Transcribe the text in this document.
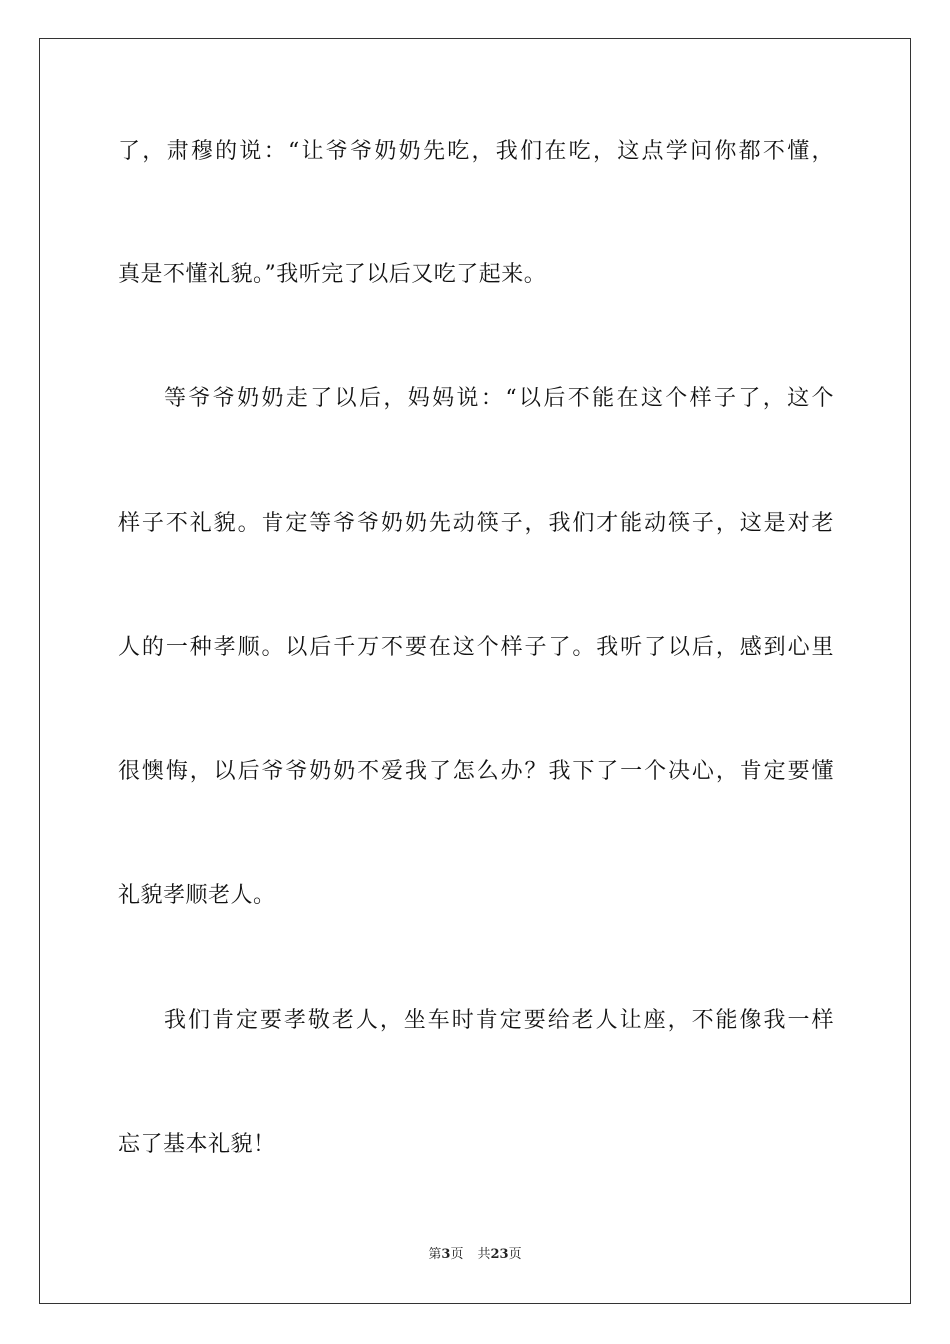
了，肃穆的说：“让爷爷奶奶先吃，我们在吃，这点学问你都不懂，
真是不懂礼貌。”我听完了以后又吃了起来。
等爷爷奶奶走了以后，妈妈说：“以后不能在这个样子了，这个
样子不礼貌。肯定等爷爷奶奶先动筷子，我们才能动筷子，这是对老
人的一种孝顺。以后千万不要在这个样子了。我听了以后，感到心里
很懊悔，以后爷爷奶奶不爱我了怎么办？我下了一个决心，肯定要懂
礼貌孝顺老人。
我们肯定要孝敬老人，坐车时肯定要给老人让座，不能像我一样
忘了基本礼貌！
第3页 共23页
